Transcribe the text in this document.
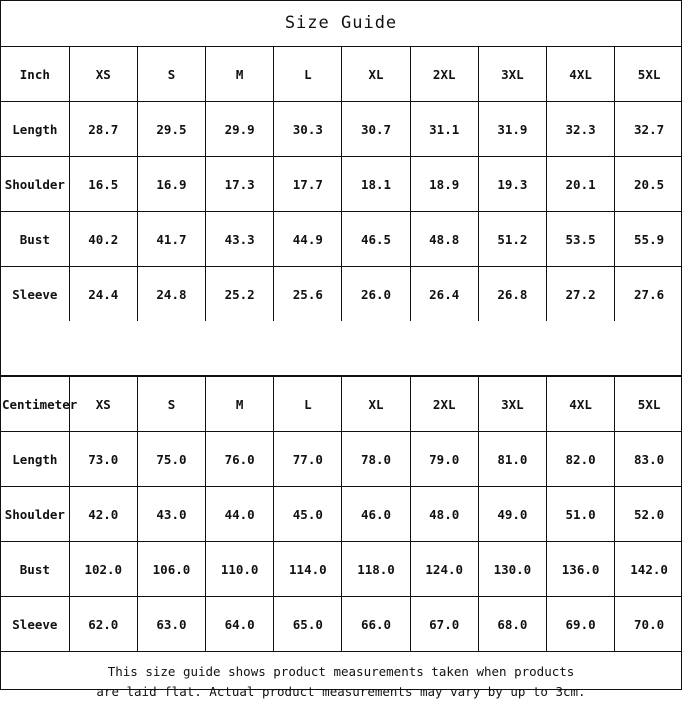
Size Guide
Inch	XS	S	M	L	XL	2XL	3XL	4XL	5XL
Length	28.7	29.5	29.9	30.3	30.7	31.1	31.9	32.3	32.7
Shoulder	16.5	16.9	17.3	17.7	18.1	18.9	19.3	20.1	20.5
Bust	40.2	41.7	43.3	44.9	46.5	48.8	51.2	53.5	55.9
Sleeve	24.4	24.8	25.2	25.6	26.0	26.4	26.8	27.2	27.6
Centimeter	XS	S	M	L	XL	2XL	3XL	4XL	5XL
Length	73.0	75.0	76.0	77.0	78.0	79.0	81.0	82.0	83.0
Shoulder	42.0	43.0	44.0	45.0	46.0	48.0	49.0	51.0	52.0
Bust	102.0	106.0	110.0	114.0	118.0	124.0	130.0	136.0	142.0
Sleeve	62.0	63.0	64.0	65.0	66.0	67.0	68.0	69.0	70.0
This size guide shows product measurements taken when products
are laid flat. Actual product measurements may vary by up to 3cm.
